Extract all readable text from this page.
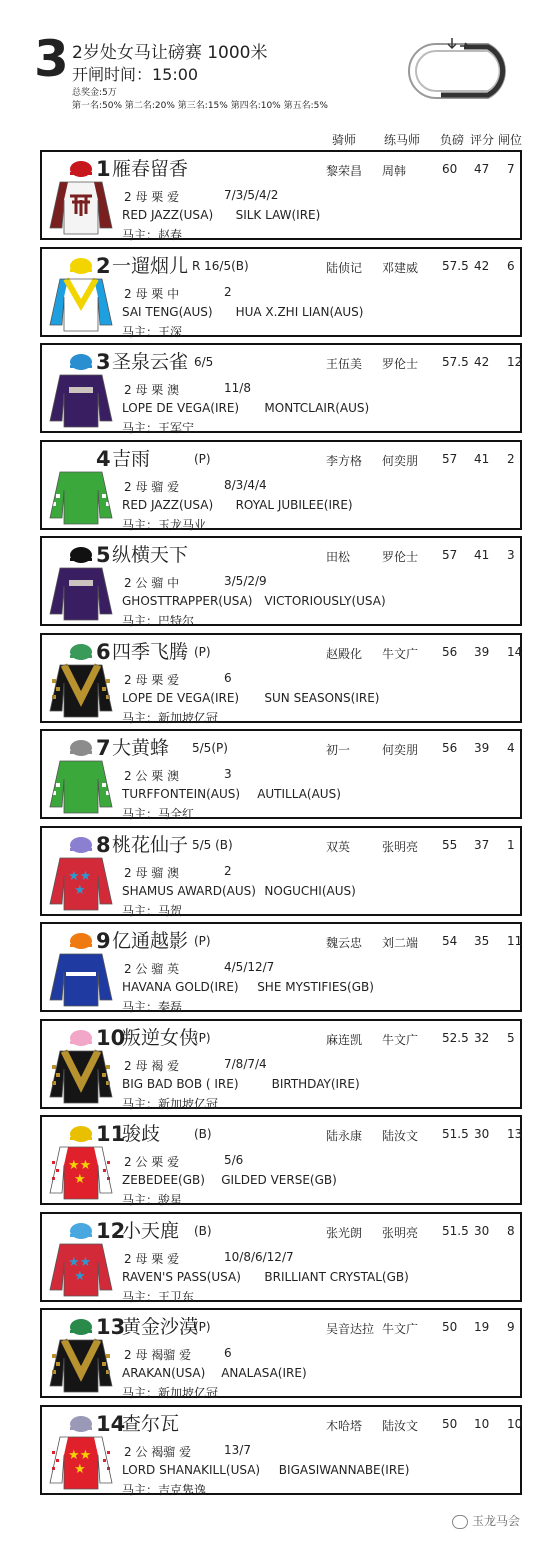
3 2岁处女马让磅赛 1000米
开闸时间：15:00
总奖金:5万
第一名:50% 第二名:20% 第三名:15% 第四名:10% 第五名:5%
骑师 练马师 负磅 评分 闸位
1 雁春留香	黎荣昌 周韩	60 47 7
2 母 栗 爱	7/3/5/4/2
RED JAZZ(USA) SILK LAW(IRE)
马主：赵春
2 一遛烟儿 R 16/5(B)	陆侦记 邓建威 57.5 42 6
2 母 栗 中	2
SAI TENG(AUS) HUA X.ZHI LIAN(AUS)
马主：王深
3 圣泉云雀 6/5	王伍美 罗伦士 57.5 42 12
2 母 栗 澳	11/8
LOPE DE VEGA(IRE) MONTCLAIR(AUS)
马主：王军宁
4 吉雨	(P)	李方格 何奕朋 57 41 2
2 母 骝 爱	8/3/4/4
RED JAZZ(USA) ROYAL JUBILEE(IRE)
马主：玉龙马业
5 纵横天下	田松	罗伦士 57 41 3
2 公 骝 中	3/5/2/9
GHOSTTRAPPER(USA) VICTORIOUSLY(USA)
马主：巴特尔
6 四季飞腾 (P)	赵殿化 牛文广 56 39 14
2 母 栗 爱	6
LOPE DE VEGA(IRE) SUN SEASONS(IRE)
马主：新加坡亿冠
7 大黄蜂 5/5(P)	初一	何奕朋 56 39 4
2 公 栗 澳	3
TURFFONTEIN(AUS) AUTILLA(AUS)
马主：马全红
★★
★
8 桃花仙子 5/5 (B)	双英	张明亮 55 37 1
2 母 骝 澳	2
SHAMUS AWARD(AUS) NOGUCHI(AUS)
马主：马贺
9 亿通越影 (P)	魏云忠 刘二端 54 35 11
2 公 骝 英	4/5/12/7
HAVANA GOLD(IRE) SHE MYSTIFIES(GB)
马主：秦磊
10
叛逆女侠
(P)	麻连凯 牛文广 52.5 32 5
2 母 褐 爱	7/8/7/4
BIG BAD BOB ( IRE)	BIRTHDAY(IRE)
马主：新加坡亿冠
★★
★
11
骏歧	(B)	陆永康 陆汝文 51.5 30 13
2 公 栗 爱	5/6
ZEBEDEE(GB) GILDED VERSE(GB)
马主：骏星
★★
★
12
小天鹿 (B)	张光朗 张明亮 51.5 30 8
2 母 栗 爱	10/8/6/12/7
RAVEN'S PASS(USA) BRILLIANT CRYSTAL(GB)
马主：王卫东
13
黄金沙漠
(P)	吴音达拉 牛文广 50 19 9
2 母 褐骝 爱	6
ARAKAN(USA) ANALASA(IRE)
马主：新加坡亿冠
★★
★
14
查尔瓦	木哈塔 陆汝文 50 10 10
2 公 褐骝 爱	13/7
LORD SHANAKILL(USA) BIGASIWANNABE(IRE)
马主：吉克隽逸
玉龙马会
